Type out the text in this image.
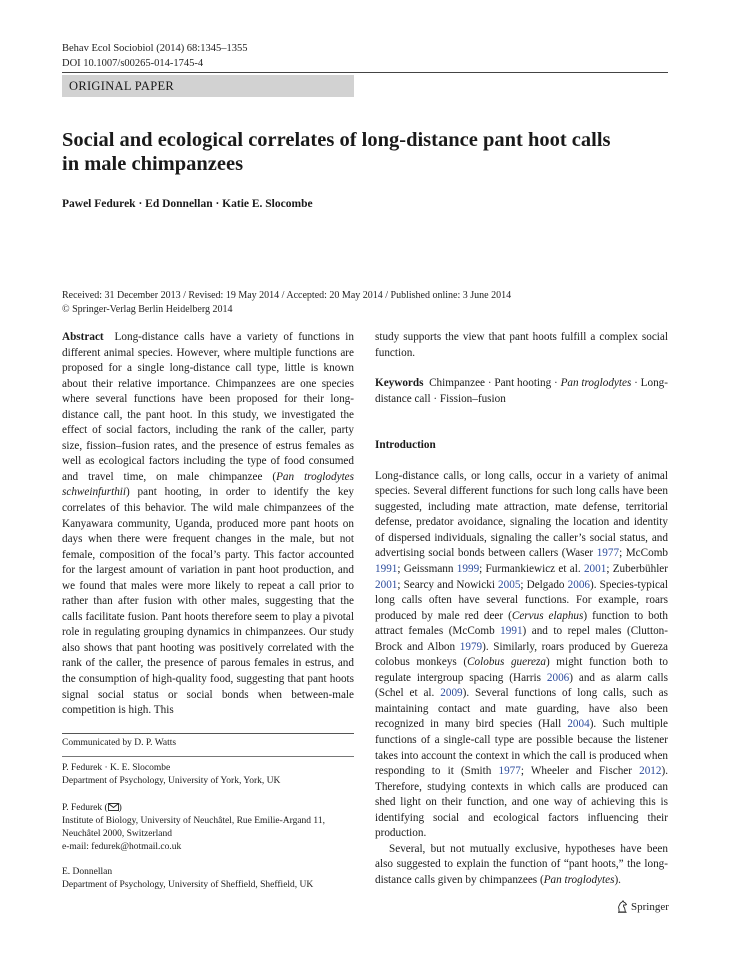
Behav Ecol Sociobiol (2014) 68:1345–1355
DOI 10.1007/s00265-014-1745-4
ORIGINAL PAPER
Social and ecological correlates of long-distance pant hoot calls
in male chimpanzees
Pawel Fedurek · Ed Donnellan · Katie E. Slocombe
Received: 31 December 2013 / Revised: 19 May 2014 / Accepted: 20 May 2014 / Published online: 3 June 2014
© Springer-Verlag Berlin Heidelberg 2014

Abstract Long-distance calls have a variety of functions in different animal species. However, where multiple functions are proposed for a single long-distance call type, little is known about their relative importance. Chimpanzees are one species where several functions have been proposed for their long-distance call, the pant hoot. In this study, we investigated the effect of social factors, including the rank of the caller, party size, fission–fusion rates, and the presence of estrus females as well as ecological factors including the type of food consumed and travel time, on male chimpanzee (Pan troglodytes schweinfurthii) pant hooting, in order to identify the key correlates of this behavior. The wild male chimpanzees of the Kanyawara community, Uganda, produced more pant hoots on days when there were frequent changes in the male, but not female, composition of the focal’s party. This factor accounted for the largest amount of variation in pant hoot production, and we found that males were more likely to repeat a call prior to rather than after fusion with other males, suggesting that the calls facilitate fusion. Pant hoots therefore seem to play a pivotal role in regulating grouping dynamics in chimpanzees. Our study also shows that pant hooting was positively correlated with the rank of the caller, the presence of parous females in estrus, and the consumption of high-quality food, suggesting that pant hoots signal social status or social bonds when between-male competition is high. This

study supports the view that pant hoots fulfill a complex social function.

Keywords Chimpanzee · Pant hooting · Pan troglodytes · Long-distance call · Fission–fusion

Introduction

Long-distance calls, or long calls, occur in a variety of animal species. Several different functions for such long calls have been suggested, including mate attraction, mate defense, territorial defense, predator avoidance, signaling the location and identity of dispersed individuals, signaling the caller’s social status, and advertising social bonds between callers (Waser 1977; McComb 1991; Geissmann 1999; Furmankiewicz et al. 2001; Zuberbühler 2001; Searcy and Nowicki 2005; Delgado 2006). Species-typical long calls often have several functions. For example, roars produced by male red deer (Cervus elaphus) function to both attract females (McComb 1991) and to repel males (Clutton-Brock and Albon 1979). Similarly, roars produced by Guereza colobus monkeys (Colobus guereza) might function both to regulate intergroup spacing (Harris 2006) and as alarm calls (Schel et al. 2009). Several functions of long calls, such as maintaining contact and mate guarding, have also been recognized in many bird species (Hall 2004). Such multiple functions of a single-call type are possible because the listener takes into account the context in which the call is produced when responding to it (Smith 1977; Wheeler and Fischer 2012). Therefore, studying contexts in which calls are produced can shed light on their function, and one way of achieving this is identifying social and ecological factors influencing their production.

Several, but not mutually exclusive, hypotheses have been also suggested to explain the function of “pant hoots,” the long-distance calls given by chimpanzees (Pan troglodytes).

Communicated by D. P. Watts
P. Fedurek · K. E. Slocombe
Department of Psychology, University of York, York, UK
P. Fedurek ( )
Institute of Biology, University of Neuchâtel, Rue Emilie-Argand 11,
Neuchâtel 2000, Switzerland
e-mail: fedurek@hotmail.co.uk
E. Donnellan
Department of Psychology, University of Sheffield, Sheffield, UK
Springer
